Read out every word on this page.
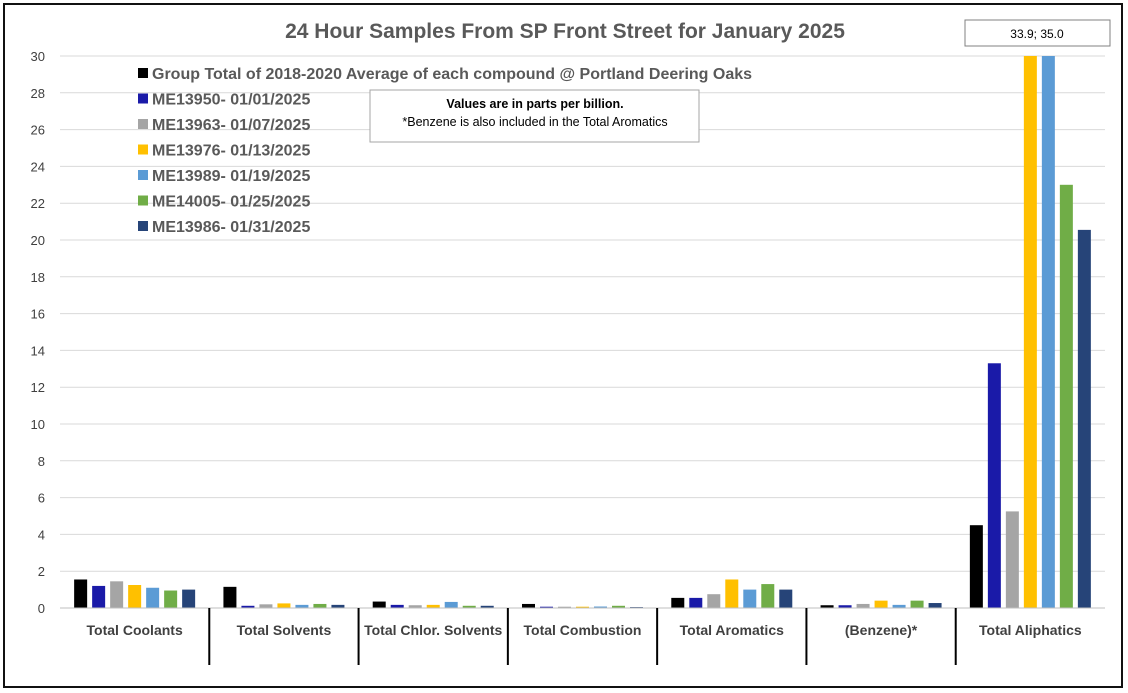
24 Hour Samples From SP Front Street for January 2025
0
2
4
6
8
10
12
14
16
18
20
22
24
26
28
30
Total Coolants	Total Solvents Total Chlor. Solvents Total Combustion	Total Aromatics	(Benzene)*	Total Aliphatics
Group Total of 2018-2020 Average of each compound @ Portland Deering Oaks
ME13950- 01/01/2025
ME13963- 01/07/2025
ME13976- 01/13/2025
ME13989- 01/19/2025
ME14005- 01/25/2025
ME13986- 01/31/2025
Values are in parts per billion.
*Benzene is also included in the Total Aromatics
33.9; 35.0
